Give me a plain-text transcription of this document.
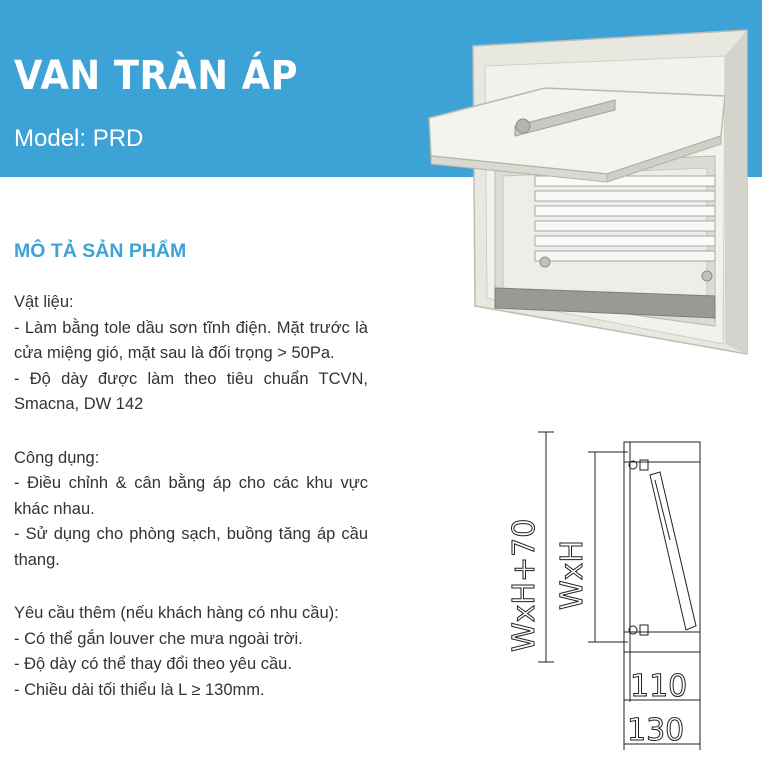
VAN TRÀN ÁP

Model: PRD

MÔ TẢ SẢN PHẨM

Vật liệu:

- Làm bằng tole dầu sơn tĩnh điện. Mặt trước là cửa miệng gió, mặt sau là đối trọng > 50Pa.

- Độ dày được làm theo tiêu chuẩn TCVN, Smacna, DW 142

Công dụng:

- Điều chỉnh & cân bằng áp cho các khu vực khác nhau.

- Sử dụng cho phòng sạch, buồng tăng áp cầu thang.

Yêu cầu thêm (nếu khách hàng có nhu cầu):

- Có thể gắn louver che mưa ngoài trời.

- Độ dày có thể thay đổi theo yêu cầu.

- Chiều dài tối thiểu là L ≥ 130mm.

WxH+70 WxH
110
130
